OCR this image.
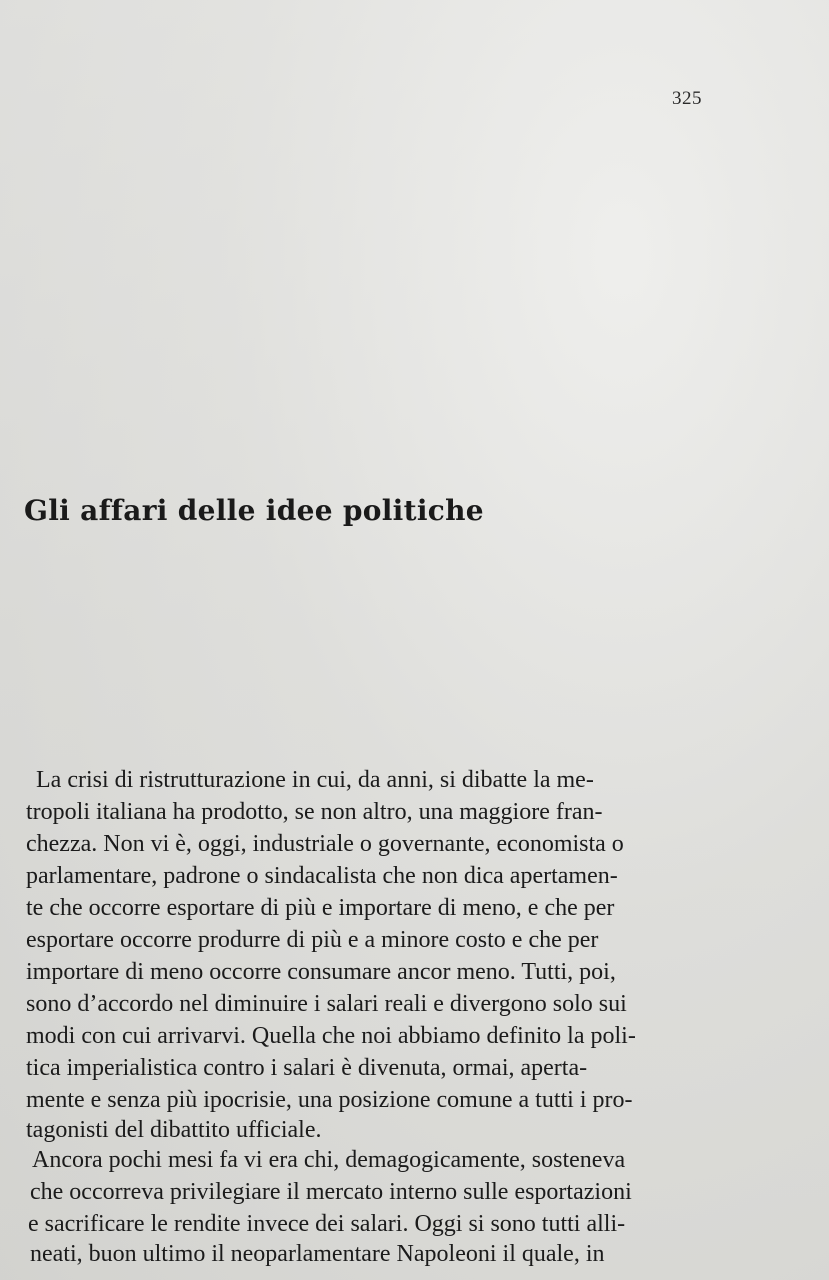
325
Gli affari delle idee politiche
La crisi di ristrutturazione in cui, da anni, si dibatte la me-
tropoli italiana ha prodotto, se non altro, una maggiore fran-
chezza. Non vi è, oggi, industriale o governante, economista o
parlamentare, padrone o sindacalista che non dica apertamen-
te che occorre esportare di più e importare di meno, e che per
esportare occorre produrre di più e a minore costo e che per
importare di meno occorre consumare ancor meno. Tutti, poi,
sono d’accordo nel diminuire i salari reali e divergono solo sui
modi con cui arrivarvi. Quella che noi abbiamo definito la poli-
tica imperialistica contro i salari è divenuta, ormai, aperta-
mente e senza più ipocrisie, una posizione comune a tutti i pro-
tagonisti del dibattito ufficiale.
Ancora pochi mesi fa vi era chi, demagogicamente, sosteneva
che occorreva privilegiare il mercato interno sulle esportazioni
e sacrificare le rendite invece dei salari. Oggi si sono tutti alli-
neati, buon ultimo il neoparlamentare Napoleoni il quale, in
